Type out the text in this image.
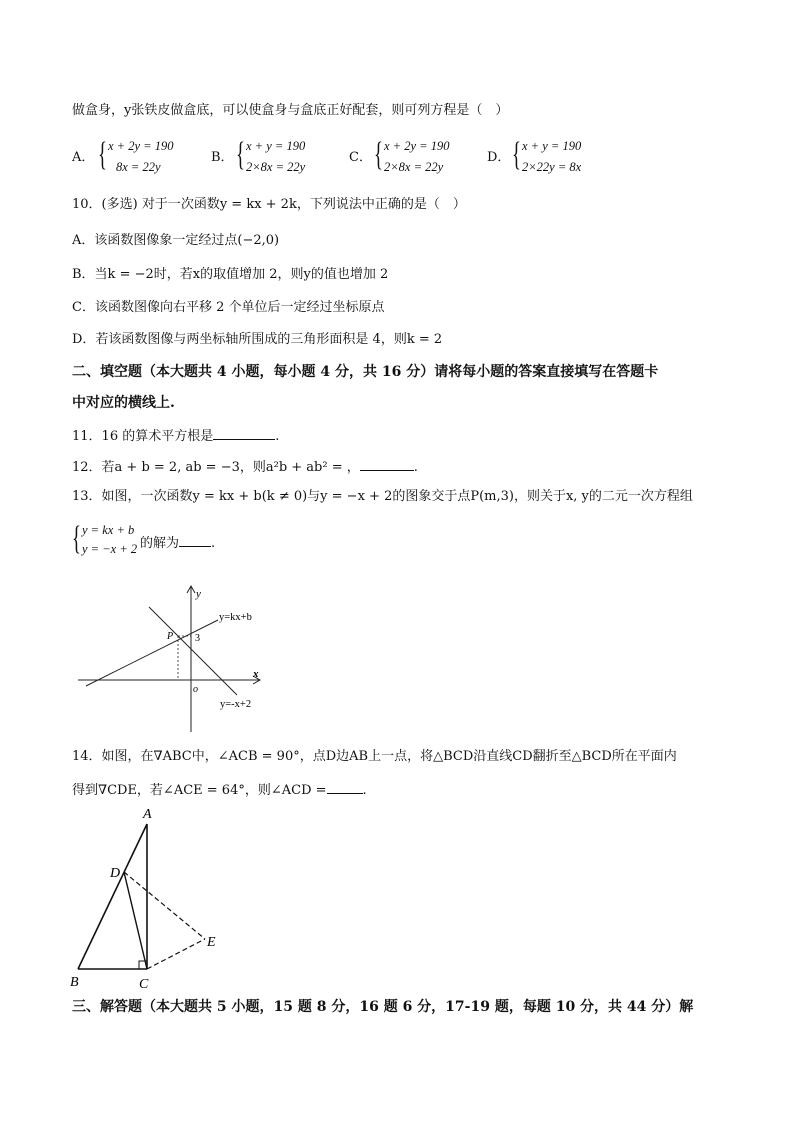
做盒身，y张铁皮做盒底，可以使盒身与盒底正好配套，则可列方程是（　）
A． { x + 2y = 190
8x = 22y
B． { x + y = 190
2×8x = 22y
C． { x + 2y = 190
2×8x = 22y
D． { x + y = 190
2×22y = 8x
10．(多选) 对于一次函数y = kx + 2k，下列说法中正确的是（　）
A．该函数图像象一定经过点(−2,0)
B．当k = −2时，若x的取值增加 2，则y的值也增加 2
C．该函数图像向右平移 2 个单位后一定经过坐标原点
D．若该函数图像与两坐标轴所围成的三角形面积是 4，则k = 2
二、填空题（本大题共 4 小题，每小题 4 分，共 16 分）请将每小题的答案直接填写在答题卡
中对应的横线上.
11．16 的算术平方根是	.
12．若a + b = 2, ab = −3，则a²b + ab² = ，	.
13．如图，一次函数y = kx + b(k ≠ 0)与y = −x + 2的图象交于点P(m,3)，则关于x, y的二元一次方程组
{ y = kx + b
y = −x + 2 的解为 .
y
x
o
P 3
y=kx+b
y=-x+2
14．如图，在∇ABC中，∠ACB = 90°，点D边AB上一点，将△BCD沿直线CD翻折至△BCD所在平面内
得到∇CDE，若∠ACE = 64°，则∠ACD =	.
A
B	C
D
E
三、解答题（本大题共 5 小题，15 题 8 分，16 题 6 分，17-19 题，每题 10 分，共 44 分）解
